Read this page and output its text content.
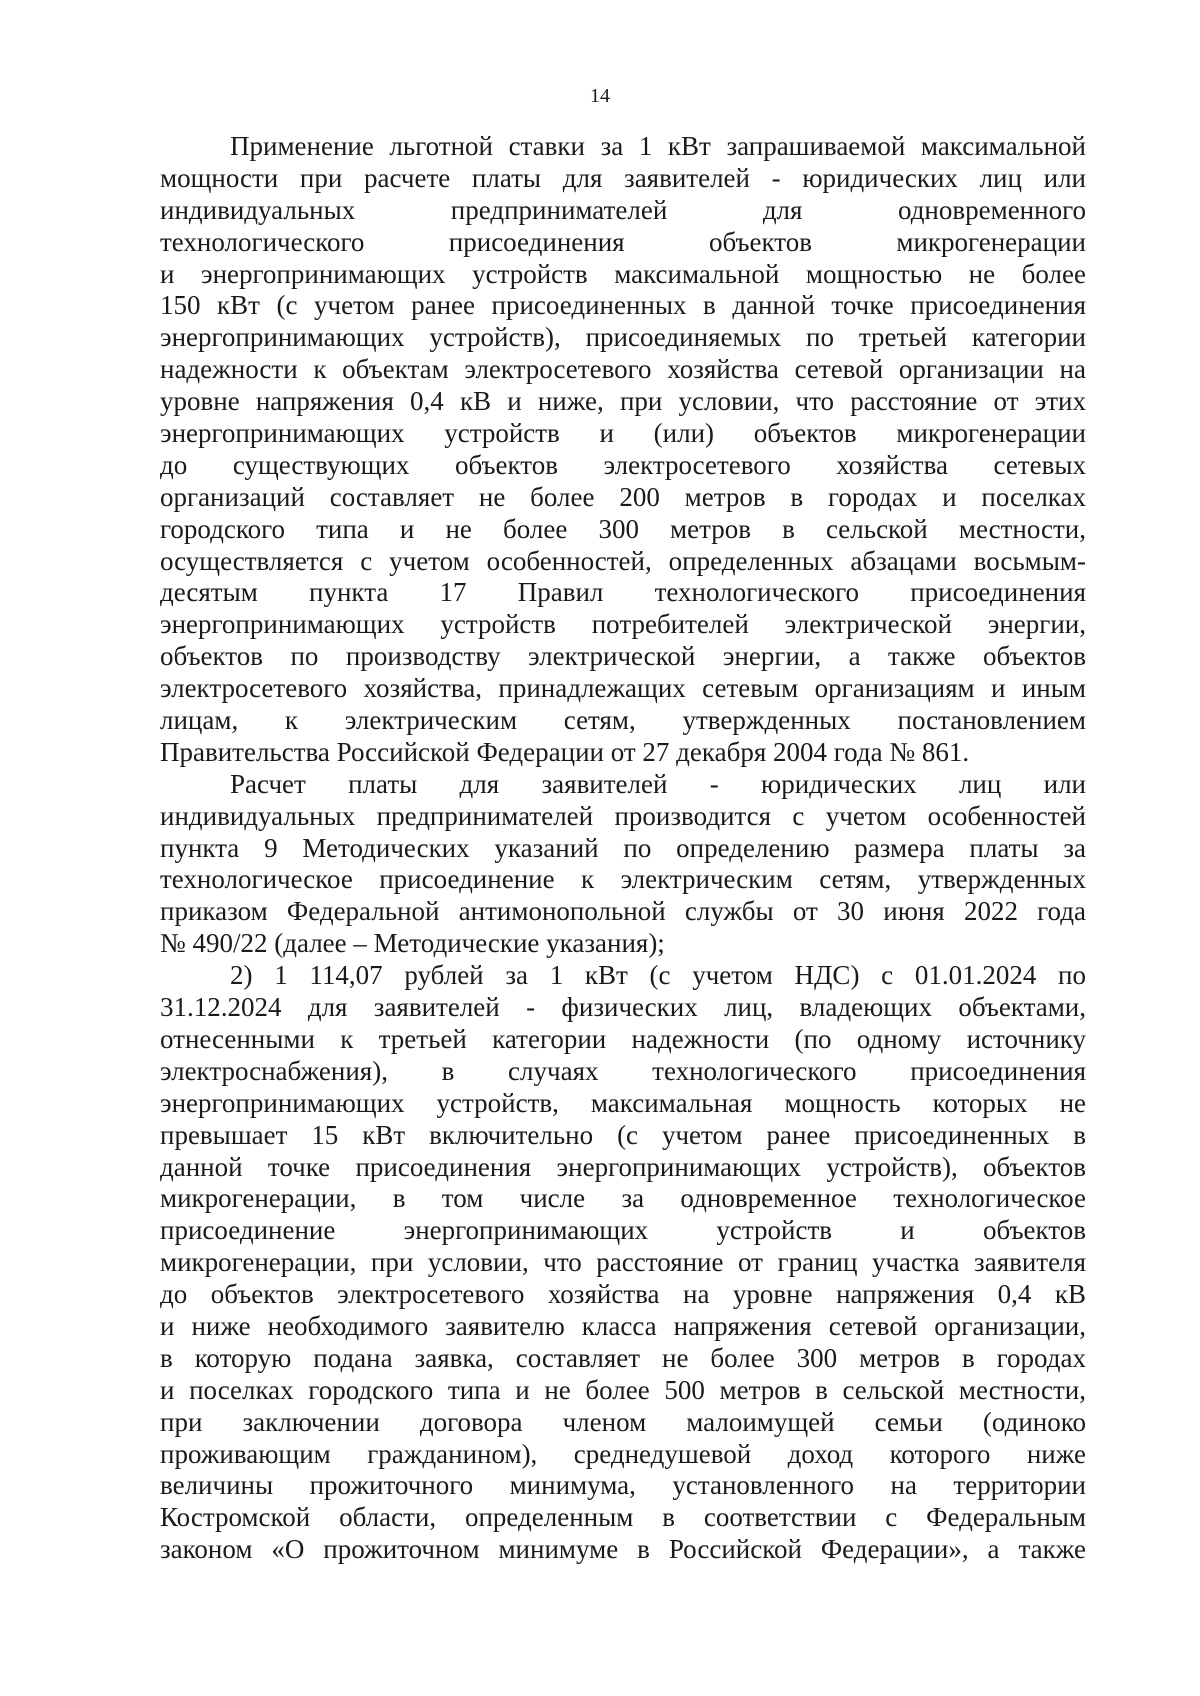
14
Применение льготной ставки за 1 кВт запрашиваемой максимальной
мощности при расчете платы для заявителей - юридических лиц или
индивидуальных предпринимателей для одновременного
технологического присоединения объектов микрогенерации
и энергопринимающих устройств максимальной мощностью не более
150 кВт (с учетом ранее присоединенных в данной точке присоединения
энергопринимающих устройств), присоединяемых по третьей категории
надежности к объектам электросетевого хозяйства сетевой организации на
уровне напряжения 0,4 кВ и ниже, при условии, что расстояние от этих
энергопринимающих устройств и (или) объектов микрогенерации
до существующих объектов электросетевого хозяйства сетевых
организаций составляет не более 200 метров в городах и поселках
городского типа и не более 300 метров в сельской местности,
осуществляется с учетом особенностей, определенных абзацами восьмым-
десятым пункта 17 Правил технологического присоединения
энергопринимающих устройств потребителей электрической энергии,
объектов по производству электрической энергии, а также объектов
электросетевого хозяйства, принадлежащих сетевым организациям и иным
лицам, к электрическим сетям, утвержденных постановлением
Правительства Российской Федерации от 27 декабря 2004 года № 861.
Расчет платы для заявителей - юридических лиц или
индивидуальных предпринимателей производится с учетом особенностей
пункта 9 Методических указаний по определению размера платы за
технологическое присоединение к электрическим сетям, утвержденных
приказом Федеральной антимонопольной службы от 30 июня 2022 года
№ 490/22 (далее – Методические указания);
2) 1 114,07 рублей за 1 кВт (с учетом НДС) с 01.01.2024 по
31.12.2024 для заявителей - физических лиц, владеющих объектами,
отнесенными к третьей категории надежности (по одному источнику
электроснабжения), в случаях технологического присоединения
энергопринимающих устройств, максимальная мощность которых не
превышает 15 кВт включительно (с учетом ранее присоединенных в
данной точке присоединения энергопринимающих устройств), объектов
микрогенерации, в том числе за одновременное технологическое
присоединение энергопринимающих устройств и объектов
микрогенерации, при условии, что расстояние от границ участка заявителя
до объектов электросетевого хозяйства на уровне напряжения 0,4 кВ
и ниже необходимого заявителю класса напряжения сетевой организации,
в которую подана заявка, составляет не более 300 метров в городах
и поселках городского типа и не более 500 метров в сельской местности,
при заключении договора членом малоимущей семьи (одиноко
проживающим гражданином), среднедушевой доход которого ниже
величины прожиточного минимума, установленного на территории
Костромской области, определенным в соответствии с Федеральным
законом «О прожиточном минимуме в Российской Федерации», а также
